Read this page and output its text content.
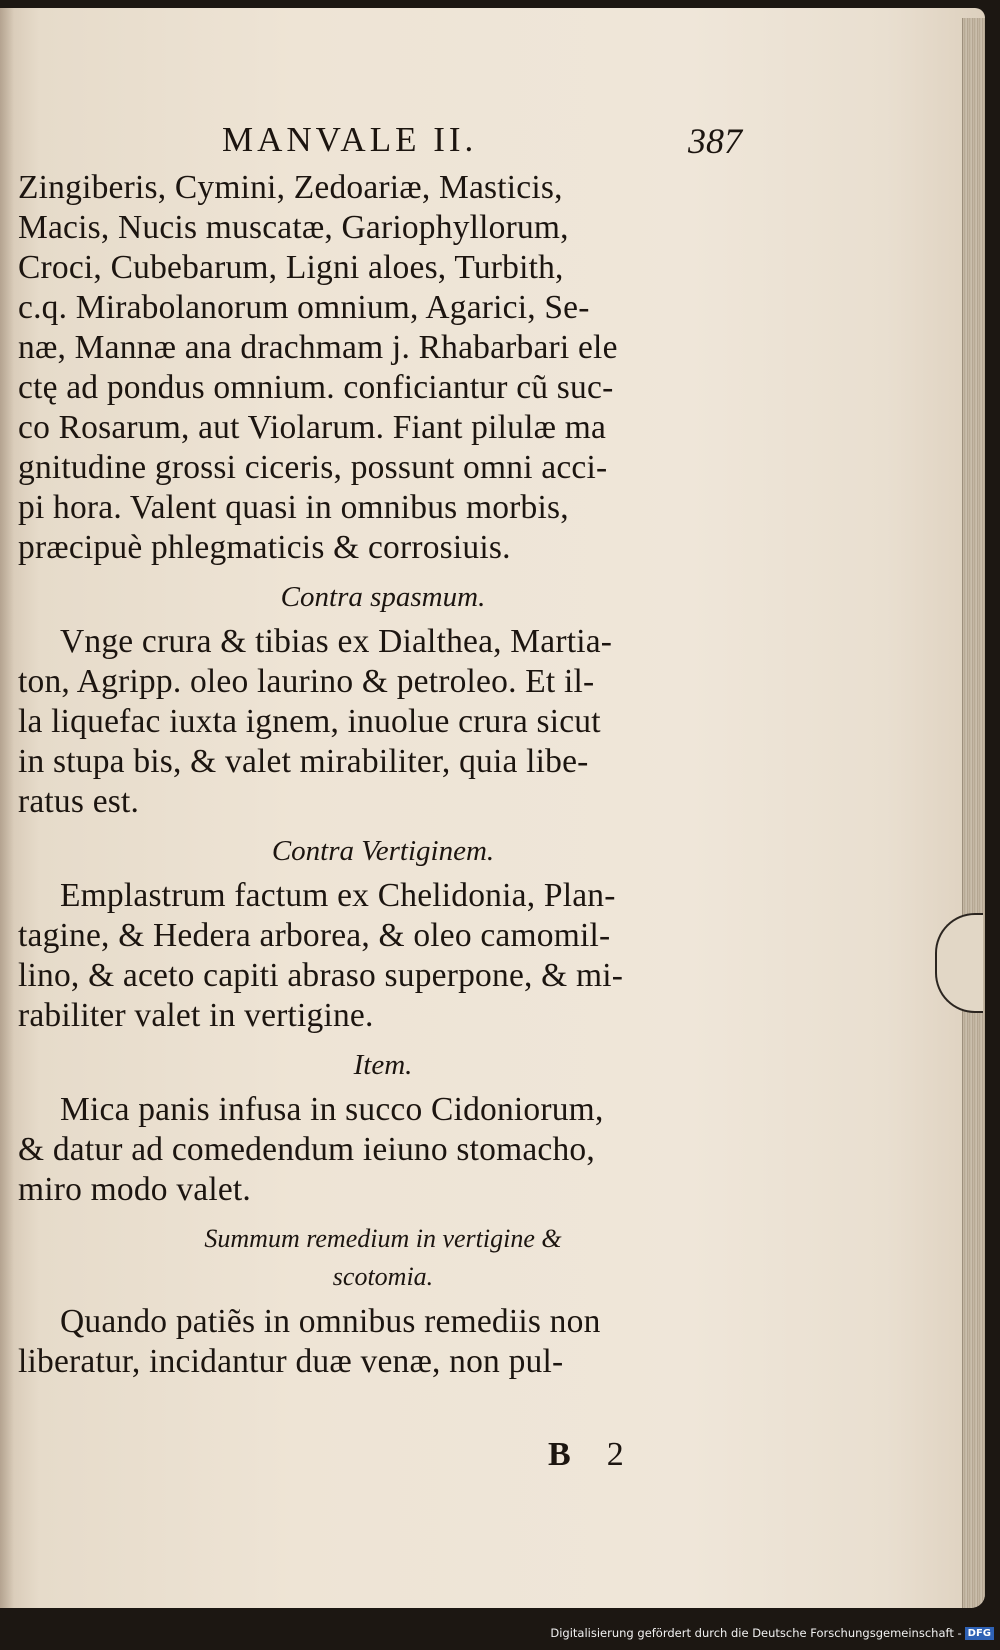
MANVALE II.	387
Zingiberis, Cymini, Zedoariæ, Masticis,
Macis, Nucis muscatæ, Gariophyllorum,
Croci, Cubebarum, Ligni aloes, Turbith,
c.q. Mirabolanorum omnium, Agarici, Se-
næ, Mannæ ana drachmam j. Rhabarbari ele
ctę ad pondus omnium. conficiantur cũ suc-
co Rosarum, aut Violarum. Fiant pilulæ ma
gnitudine grossi ciceris, possunt omni acci-
pi hora. Valent quasi in omnibus morbis,
præcipuè phlegmaticis & corrosiuis.
Contra spasmum.
Vnge crura & tibias ex Dialthea, Martia-
ton, Agripp. oleo laurino & petroleo. Et il-
la liquefac iuxta ignem, inuolue crura sicut
in stupa bis, & valet mirabiliter, quia libe-
ratus est.
Contra Vertiginem.
Emplastrum factum ex Chelidonia, Plan-
tagine, & Hedera arborea, & oleo camomil-
lino, & aceto capiti abraso superpone, & mi-
rabiliter valet in vertigine.
Item.
Mica panis infusa in succo Cidoniorum,
& datur ad comedendum ieiuno stomacho,
miro modo valet.
Summum remedium in vertigine &
scotomia.
Quando patiẽs in omnibus remediis non
liberatur, incidantur duæ venæ, non pul-
B 2
Digitalisierung gefördert durch die Deutsche Forschungsgemeinschaft - DFG
